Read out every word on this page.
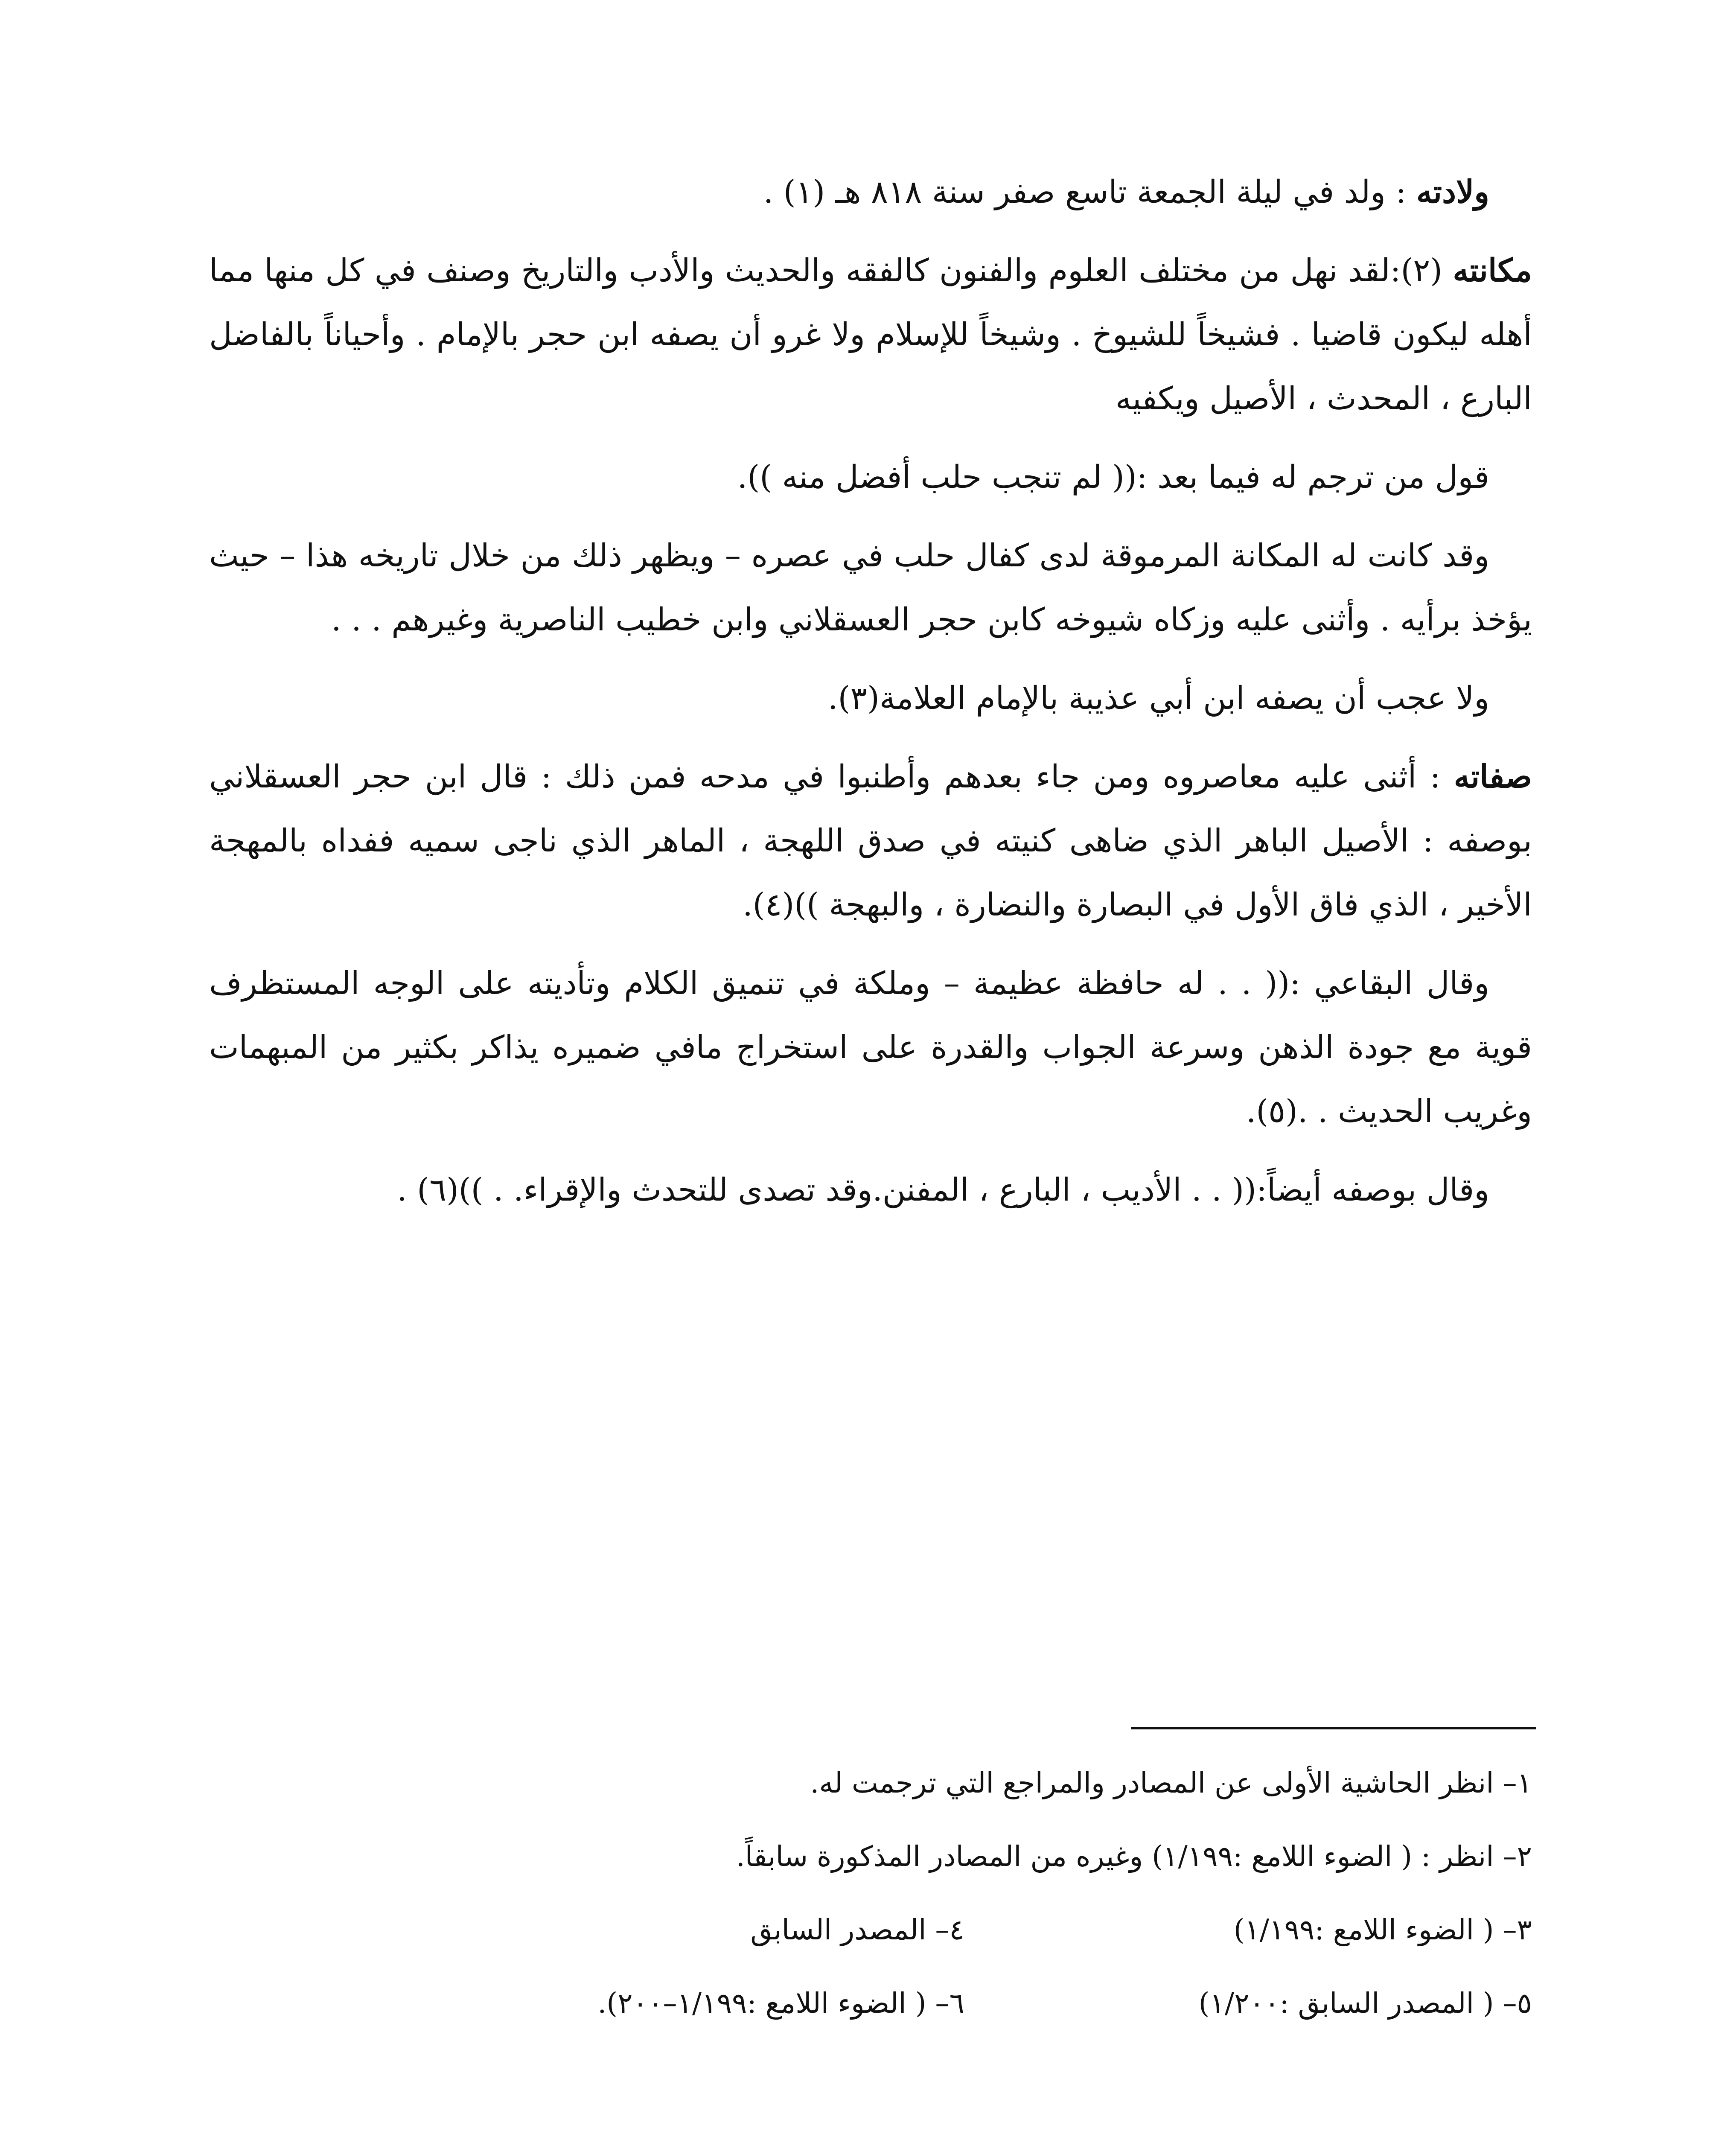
ولادته : ولد في ليلة الجمعة تاسع صفر سنة ٨١٨ هـ (١) .

مكانته (٢):لقد نهل من مختلف العلوم والفنون كالفقه والحديث والأدب والتاريخ وصنف في كل منها مما أهله ليكون قاضيا . فشيخاً للشيوخ . وشيخاً للإسلام ولا غرو أن يصفه ابن حجر بالإمام . وأحياناً بالفاضل البارع ، المحدث ، الأصيل ويكفيه

قول من ترجم له فيما بعد :(( لم تنجب حلب أفضل منه )).

وقد كانت له المكانة المرموقة لدى كفال حلب في عصره – ويظهر ذلك من خلال تاريخه هذا – حيث يؤخذ برأيه . وأثنى عليه وزكاه شيوخه كابن حجر العسقلاني وابن خطيب الناصرية وغيرهم . . .

ولا عجب أن يصفه ابن أبي عذيبة بالإمام العلامة(٣).

صفاته : أثنى عليه معاصروه ومن جاء بعدهم وأطنبوا في مدحه فمن ذلك : قال ابن حجر العسقلاني بوصفه : الأصيل الباهر الذي ضاهى كنيته في صدق اللهجة ، الماهر الذي ناجى سميه ففداه بالمهجة الأخير ، الذي فاق الأول في البصارة والنضارة ، والبهجة ))(٤).

وقال البقاعي :(( . . له حافظة عظيمة – وملكة في تنميق الكلام وتأديته على الوجه المستظرف قوية مع جودة الذهن وسرعة الجواب والقدرة على استخراج مافي ضميره يذاكر بكثير من المبهمات وغريب الحديث . .(٥).

وقال بوصفه أيضاً:(( . . الأديب ، البارع ، المفنن.وقد تصدى للتحدث والإقراء. . ))(٦) .

١– انظر الحاشية الأولى عن المصادر والمراجع التي ترجمت له.
٢– انظر : ( الضوء اللامع :١/١٩٩) وغيره من المصادر المذكورة سابقاً.
٣– ( الضوء اللامع :١/١٩٩)
٤– المصدر السابق
٥– ( المصدر السابق :١/٢٠٠)
٦– ( الضوء اللامع :١/١٩٩–٢٠٠).
